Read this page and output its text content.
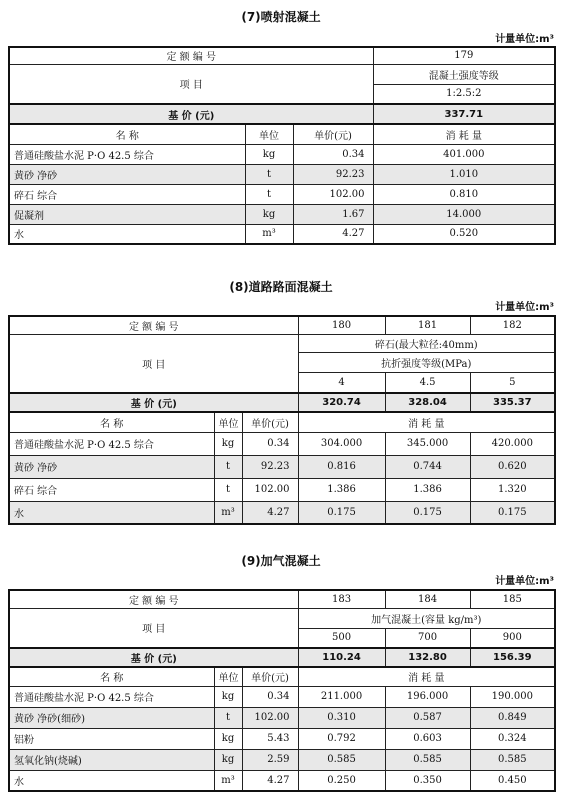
(7)喷射混凝土
计量单位:m³
定 额 编 号			179
项 目			混凝土强度等级
			1:2.5:2
基 价 (元)			337.71
名 称	单位	单价(元)	消 耗 量
普通硅酸盐水泥 P·O 42.5 综合	kg	0.34	401.000
黄砂 净砂	t	92.23	1.010
碎石 综合	t	102.00	0.810
促凝剂	kg	1.67	14.000
水	m³	4.27	0.520
(8)道路路面混凝土
计量单位:m³
定 额 编 号			180	181	182
项 目			碎石(最大粒径:40mm)		
			抗折强度等级(MPa)		
			4	4.5	5
基 价 (元)			320.74	328.04	335.37
名 称	单位	单价(元)	消 耗 量		
普通硅酸盐水泥 P·O 42.5 综合	kg	0.34	304.000	345.000	420.000
黄砂 净砂	t	92.23	0.816	0.744	0.620
碎石 综合	t	102.00	1.386	1.386	1.320
水	m³	4.27	0.175	0.175	0.175
(9)加气混凝土
计量单位:m³
定 额 编 号			183	184	185
项 目			加气混凝土(容量 kg/m³)		
			500	700	900
基 价 (元)			110.24	132.80	156.39
名 称	单位	单价(元)	消 耗 量		
普通硅酸盐水泥 P·O 42.5 综合	kg	0.34	211.000	196.000	190.000
黄砂 净砂(细砂)	t	102.00	0.310	0.587	0.849
铝粉	kg	5.43	0.792	0.603	0.324
氢氧化钠(烧碱)	kg	2.59	0.585	0.585	0.585
水	m³	4.27	0.250	0.350	0.450
